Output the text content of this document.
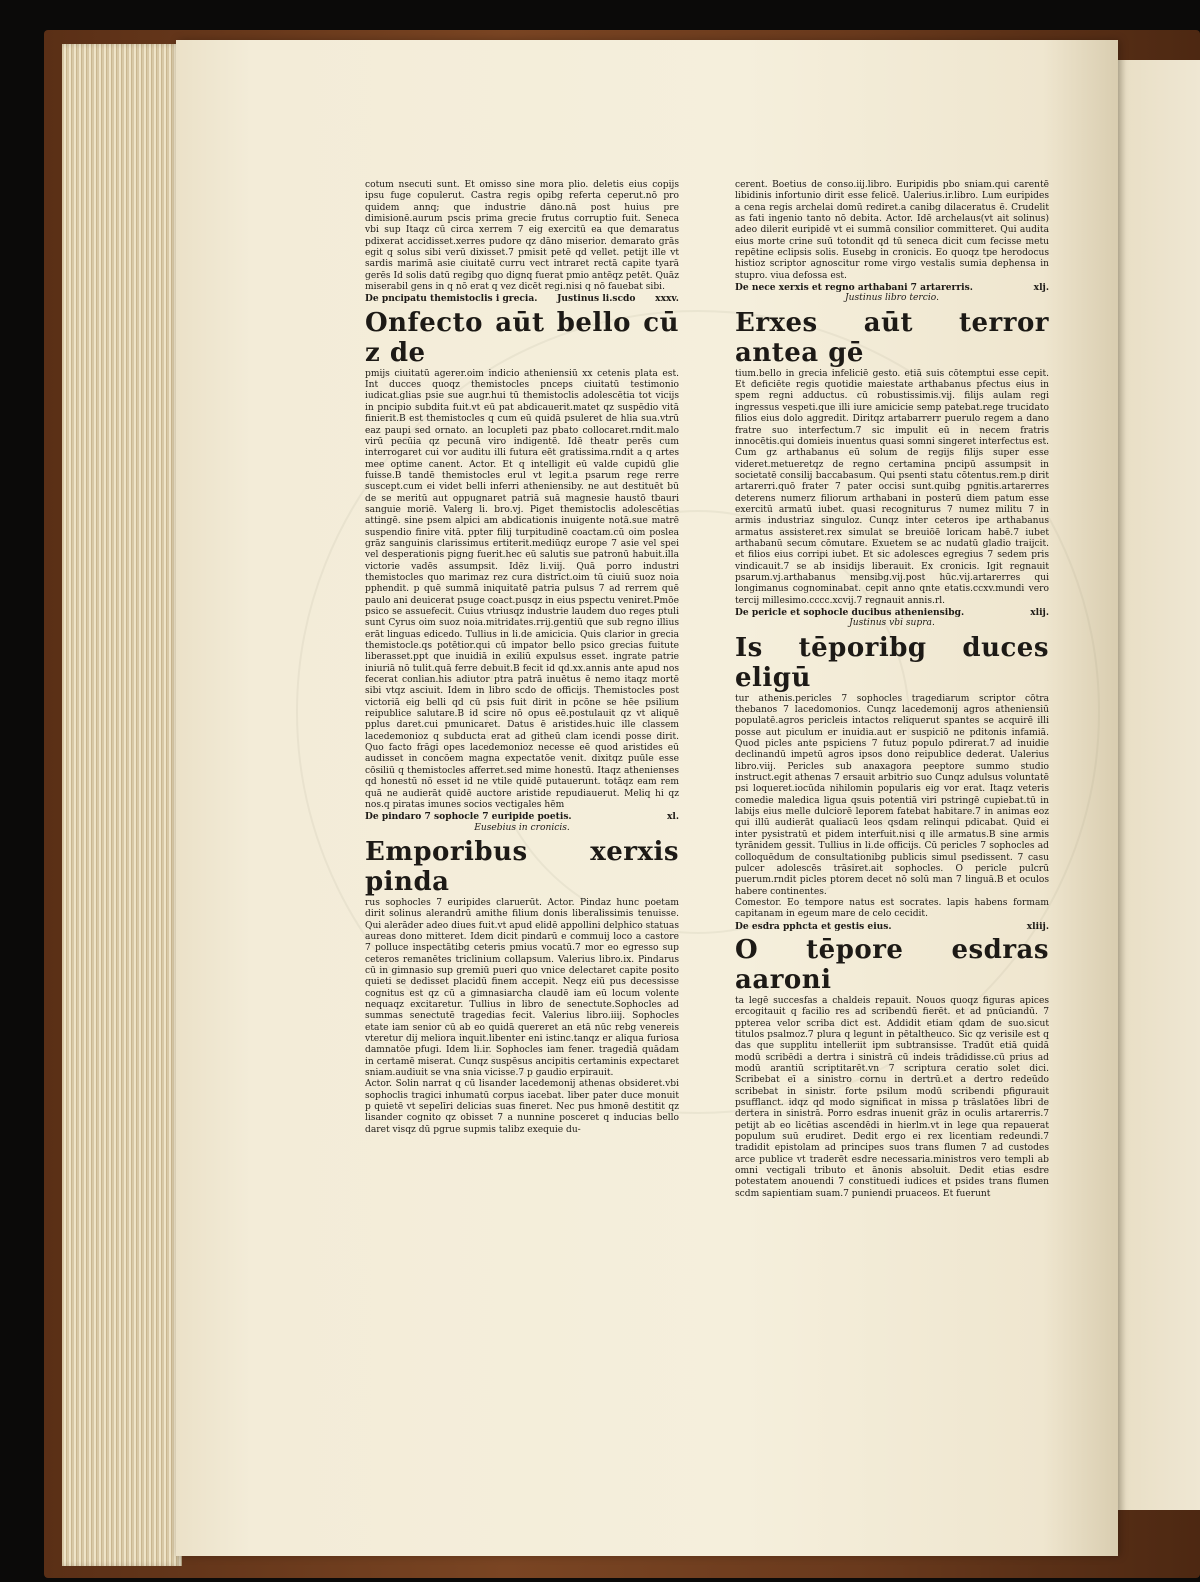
cotum nsecuti sunt. Et omisso sine mora plio. deletis eius copijs ipsu fuge copulerut. Castra regis opibg referta ceperut.nō pro quidem annq; que industrie dāno.nā post huius pre dimisionē.aurum pscis prima grecie frutus corruptio fuit. Seneca vbi sup Itaqz cū circa xerrem 7 eig exercitū ea que demaratus pdixerat accidisset.xerres pudore qz dāno miserior. demarato grās egit q solus sibi verū dixisset.7 pmisit petē qd vellet. petijt ille vt sardis marimā asie ciuitatē curru vect intraret rectā capite tyarā gerēs Id solis datū regibg quo dignq fuerat pmio antēqz petēt. Quāz miserabil gens in q nō erat q vez dicēt regi.nisi q nō fauebat sibi.

De pncipatu themistoclis i grecia. Justinus li.scdo xxxv.
Onfecto aūt bello cū z de

pmijs ciuitatū agerer.oim indicio atheniensiū xx cetenis plata est. Int ducces quoqz themistocles pnceps ciuitatū testimonio iudicat.glias psie sue augr.hui tū themistoclis adolescētia tot vicijs in pncipio subdita fuit.vt eū pat abdicauerit.matet qz suspēdio vitā finierit.B est themistocles q cum eū quidā psuleret de hlia sua.vtrū eaz paupi sed ornato. an locupleti paz pbato collocaret.rndit.malo virū pecūia qz pecunā viro indigentē. Idē theatr perēs cum interrogaret cui vor auditu illi futura eēt gratissima.rndit a q artes mee optime canent. Actor. Et q intelligit eū valde cupidū glie fuisse.B tandē themistocles erul vt legit.a psarum rege rerre suscept.cum ei videt belli inferri atheniensiby. ne aut destituēt bū de se meritū aut oppugnaret patriā suā magnesie haustō tbauri sanguie moriē. Valerg li. bro.vj. Piget themistoclis adolescētias attingē. sine psem alpici am abdicationis inuigente notā.sue matrē suspendio finire vitā. ppter filij turpitudinē coactam.cū oim poslea grāz sanguinis clarissimus ertiterit.mediūqz europe 7 asie vel spei vel desperationis pigng fuerit.hec eū salutis sue patronū habuit.illa victorie vadēs assumpsit. Idēz li.viij. Quā porro industri themistocles quo marimaz rez cura distrīct.oim tū ciuiū suoz noia pphendit. p quē summā iniquitatē patria pulsus 7 ad rerrem quē paulo ani deuicerat psuge coact.pusqz in eius pspectu veniret.Pmōe psico se assuefecit. Cuius vtriusqz industrie laudem duo reges ptuli sunt Cyrus oim suoz noia.mitridates.rrij.gentiū que sub regno illius erāt linguas edicedo. Tullius in li.de amicicia. Quis clarior in grecia themistocle.qs potētior.qui cū impator bello psico grecias fuitute liberasset.ppt que inuidiā in exiliū expulsus esset. ingrate patrie iniuriā nō tulit.quā ferre debuit.B fecit id qd.xx.annis ante apud nos fecerat conlian.his adiutor ptra patrā inuētus ē nemo itaqz mortē sibi vtqz asciuit. Idem in libro scdo de officijs. Themistocles post victoriā eig belli qd cū psis fuit dirit in pcōne se hēe psilium reipublice salutare.B id scire nō opus eē.postulauit qz vt aliquē pplus daret.cui pmunicaret. Datus ē aristides.huic ille classem lacedemonioz q subducta erat ad githeū clam icendi posse dirit. Quo facto frāgi opes lacedemonioz necesse eē quod aristides eū audisset in concōem magna expectatōe venit. dixitqz puūle esse cōsiliū q themistocles afferret.sed mime honestū. Itaqz athenienses qd honestū nō esset id ne vtile quidē putauerunt. totāqz eam rem quā ne audierāt quidē auctore aristide repudiauerut. Meliq hi qz nos.q piratas imunes socios vectigales hēm

De pindaro 7 sophocle 7 euripide poetis.	xl.
Eusebius in cronicis.
Emporibus xerxis pinda

rus sophocles 7 euripides claruerūt. Actor. Pindaz hunc poetam dirit solinus alerandrū amithe filium donis liberalissimis tenuisse. Qui alerāder adeo diues fuit.vt apud elidē appollini delphico statuas aureas dono mitteret. Idem dicit pindarū e commuij loco a castore 7 polluce inspectātibg ceteris pmius vocatū.7 mor eo egresso sup ceteros remanētes triclinium collapsum. Valerius libro.ix. Pindarus cū in gimnasio sup gremiū pueri quo vnice delectaret capite posito quieti se dedisset placidū finem accepit. Neqz eiū pus decessisse cognitus est qz cū a gimnasiarcha claudē iam eū locum volente nequaqz excitaretur. Tullius in libro de senectute.Sophocles ad summas senectutē tragedias fecit. Valerius libro.iiij. Sophocles etate iam senior cū ab eo quidā quereret an etā nūc rebg venereis vteretur dij meliora inquit.libenter eni istinc.tanqz er aliqua furiosa damnatōe pfugi. Idem li.ir. Sophocles iam fener. tragediā quādam in certamē miserat. Cunqz suspēsus ancipitis certaminis expectaret sniam.audiuit se vna snia vicisse.7 p gaudio erpirauit.

Actor. Solin narrat q cū lisander lacedemonij athenas obsideret.vbi sophoclis tragici inhumatū corpus iacebat. liber pater duce monuit p quietē vt sepelīri delicias suas fineret. Nec pus hmonē destitit qz lisander cognito qz obisset 7 a nunnine posceret q inducias bello daret visqz dū pgrue supmis talibz exequie du-

cerent. Boetius de conso.iij.libro. Euripidis pbo sniam.qui carentē libidinis infortunio dirit esse felicē. Ualerius.ir.libro. Lum euripides a cena regis archelai domū rediret.a canibg dilaceratus ē. Crudelit as fati ingenio tanto nō debita. Actor. Idē archelaus(vt ait solinus) adeo dilerit euripidē vt ei summā consilior committeret. Qui audita eius morte crine suū totondit qd tū seneca dicit cum fecisse metu repētine eclipsis solis. Eusebg in cronicis. Eo quoqz tpe herodocus histioz scriptor agnoscitur rome virgo vestalis sumia dephensa in stupro. viua defossa est.

De nece xerxis et regno arthabani 7 artarerris.	xlj.
Justinus libro tercio.
Erxes aūt terror antea gē

tium.bello in grecia infeliciē gesto. etiā suis cōtemptui esse cepit. Et deficiēte regis quotidie maiestate arthabanus pfectus eius in spem regni adductus. cū robustissimis.vij. filijs aulam regi ingressus vespeti.que illi iure amicicie semp patebat.rege trucidato filios eius dolo aggredit. Diritqz artabarrerr puerulo regem a dano fratre suo interfectum.7 sic impulit eū in necem fratris innocētis.qui domieis inuentus quasi somni singeret interfectus est. Cum gz arthabanus eū solum de regijs filijs super esse videret.metueretqz de regno certamina pncipū assumpsit in societatē consilij baccabasum. Qui psenti statu cōtentus.rem.p dirit artarerri.quō frater 7 pater occisi sunt.quibg pgnitis.artarerres deterens numerz filiorum arthabani in posterū diem patum esse exercitū armatū iubet. quasi recogniturus 7 numez militu 7 in armis industriaz singuloz. Cunqz inter ceteros ipe arthabanus armatus assisteret.rex simulat se breuiōē loricam habē.7 iubet arthabanū secum cōmutare. Exuetem se ac nudatū gladio traijcit. et filios eius corripi iubet. Et sic adolesces egregius 7 sedem pris vindicauit.7 se ab insidijs liberauit. Ex cronicis. Igit regnauit psarum.vj.arthabanus mensibg.vij.post hūc.vij.artarerres qui longimanus cognominabat. cepit anno qnte etatis.ccxv.mundi vero tercij millesimo.cccc.xcvij.7 regnauit annis.rl.

De pericle et sophocle ducibus atheniensibg.	xlij.
Justinus vbi supra.
Is tēporibg duces eligū

tur athenis.pericles 7 sophocles tragediarum scriptor cōtra thebanos 7 lacedomonios. Cunqz lacedemonij agros atheniensiū populatē.agros pericleis intactos reliquerut spantes se acquirē illi posse aut piculum er inuidia.aut er suspiciō ne pditonis infamiā. Quod picles ante pspiciens 7 futuz populo pdirerat.7 ad inuidie declinandū impetū agros ipsos dono reipublice dederat. Ualerius libro.viij. Pericles sub anaxagora peeptore summo studio instruct.egit athenas 7 ersauit arbitrio suo Cunqz adulsus voluntatē psi loqueret.iocūda nihilomin popularis eig vor erat. Itaqz veteris comedie maledica ligua qsuis potentiā viri pstringē cupiebat.tū in labijs eius melle dulciorē leporem fatebat habitare.7 in animas eoz qui illū audierāt qualiacū leos qsdam relinqui pdicabat. Quid ei inter pysistratū et pidem interfuit.nisi q ille armatus.B sine armis tyrānidem gessit. Tullius in li.de officijs. Cū pericles 7 sophocles ad colloquēdum de consultationibg publicis simul psedissent. 7 casu pulcer adolescēs trāsiret.ait sophocles. O pericle pulcrū puerum.rndit picles ptorem decet nō solū man 7 linguā.B et oculos habere continentes.

Comestor. Eo tempore natus est socrates. lapis habens formam capitanam in egeum mare de celo cecidit.

De esdra pphcta et gestis eius.	xliij.
O tēpore esdras aaroni

ta legē succesfas a chaldeis repauit. Nouos quoqz figuras apices ercogitauit q facilio res ad scribendū fierēt. et ad pnūciandū. 7 ppterea velor scriba dict est. Addidit etiam qdam de suo.sicut titulos psalmoz.7 plura q legunt in pētaltheuco. Sic qz verisile est q das que supplitu intelleriit ipm subtransisse. Tradūt etiā quidā modū scribēdi a dertra i sinistrā cū indeis trādidisse.cū prius ad modū arantiū scriptitarēt.vn 7 scriptura ceratio solet dici. Scribebat eī a sinistro cornu in dertrū.et a dertro redeūdo scribebat in sinistr. forte psilum modū scribendi pfigurauit psufflanct. idqz qd modo significat in missa p trāslatōes libri de dertera in sinistrā. Porro esdras inuenit grāz in oculis artarerris.7 petijt ab eo licētias ascendēdi in hierlm.vt in lege qua repauerat populum suū erudiret. Dedit ergo ei rex licentiam redeundi.7 tradidit epistolam ad principes suos trans flumen 7 ad custodes arce publice vt traderēt esdre necessaria.ministros vero templi ab omni vectigali tributo et ānonis absoluit. Dedit etias esdre potestatem anouendi 7 constituedi iudices et psides trans flumen scdm sapientiam suam.7 puniendi pruaceos. Et fuerunt
